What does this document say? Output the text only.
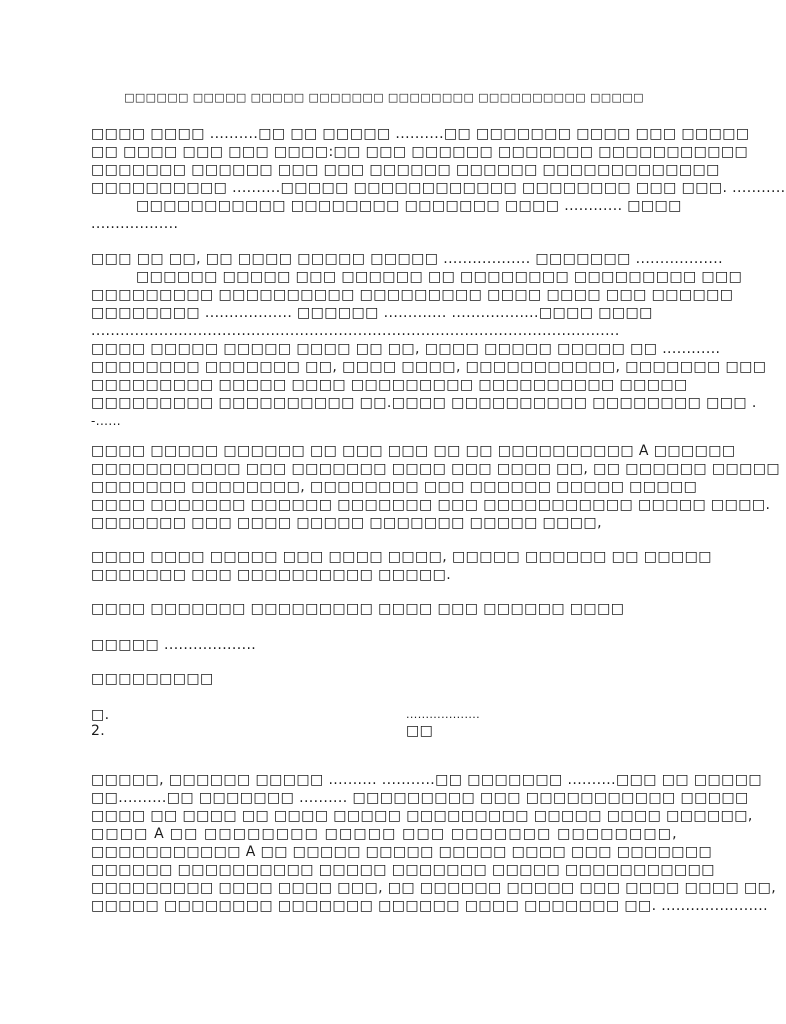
□□□□□□ □□□□□ □□□□□ □□□□□□□ □□□□□□□□ □□□□□□□□□□ □□□□□
□□□□ □□□□ ..........□□ □□ □□□□□ ..........□□ □□□□□□□ □□□□ □□□ □□□□□
□□ □□□□ □□□ □□□ □□□□:□□ □□□ □□□□□□ □□□□□□□ □□□□□□□□□□□
□□□□□□□ □□□□□□ □□□ □□□ □□□□□□ □□□□□□ □□□□□□□□□□□□□
□□□□□□□□□□ ..........□□□□□ □□□□□□□□□□□□ □□□□□□□□ □□□ □□□. ...........
□□□□□□□□□□□ □□□□□□□□ □□□□□□□ □□□□ ............ □□□□
..................
□□□ □□ □□, □□ □□□□ □□□□□ □□□□□ .................. □□□□□□□ ..................
□□□□□□ □□□□□ □□□ □□□□□□ □□ □□□□□□□□ □□□□□□□□□ □□□
□□□□□□□□□ □□□□□□□□□□ □□□□□□□□□ □□□□ □□□□ □□□ □□□□□□
□□□□□□□□ .................. □□□□□□ ............. ..................□□□□ □□□□
.............................................................................................................
□□□□ □□□□□ □□□□□ □□□□ □□ □□, □□□□ □□□□□ □□□□□ □□ ............
□□□□□□□□ □□□□□□□ □□, □□□□ □□□□, □□□□□□□□□□□, □□□□□□□ □□□
□□□□□□□□□ □□□□□ □□□□ □□□□□□□□□ □□□□□□□□□□ □□□□□
□□□□□□□□□ □□□□□□□□□□ □□.□□□□ □□□□□□□□□□ □□□□□□□□ □□□ .
-......
□□□□ □□□□□ □□□□□□ □□ □□□ □□□ □□ □□ □□□□□□□□□□ A □□□□□□
□□□□□□□□□□□ □□□ □□□□□□□ □□□□ □□□ □□□□ □□, □□ □□□□□□ □□□□□
□□□□□□□ □□□□□□□□, □□□□□□□□ □□□ □□□□□□ □□□□□ □□□□□
□□□□ □□□□□□□ □□□□□□ □□□□□□□ □□□ □□□□□□□□□□□ □□□□□ □□□□.
□□□□□□□ □□□ □□□□ □□□□□ □□□□□□□ □□□□□ □□□□,
□□□□ □□□□ □□□□□ □□□ □□□□ □□□□, □□□□□ □□□□□□ □□ □□□□□
□□□□□□□ □□□ □□□□□□□□□□ □□□□□.
□□□□ □□□□□□□ □□□□□□□□□ □□□□ □□□ □□□□□□ □□□□
□□□□□ ...................
□□□□□□□□□
□.	...................
2.	□□
□□□□□, □□□□□□ □□□□□ .......... ...........□□ □□□□□□□ ..........□□□ □□ □□□□□
□□..........□□ □□□□□□□ .......... □□□□□□□□□ □□□ □□□□□□□□□□□ □□□□□
□□□□ □□ □□□□ □□ □□□□ □□□□□ □□□□□□□□□ □□□□□ □□□□ □□□□□□,
□□□□ A □□ □□□□□□□□ □□□□□ □□□ □□□□□□□ □□□□□□□□,
□□□□□□□□□□□ A □□ □□□□□ □□□□□ □□□□□ □□□□ □□□ □□□□□□□
□□□□□□ □□□□□□□□□□ □□□□□ □□□□□□□ □□□□□ □□□□□□□□□□□
□□□□□□□□□ □□□□ □□□□ □□□, □□ □□□□□□ □□□□□ □□□ □□□□ □□□□ □□,
□□□□□ □□□□□□□□ □□□□□□□ □□□□□□ □□□□ □□□□□□□ □□. ......................
